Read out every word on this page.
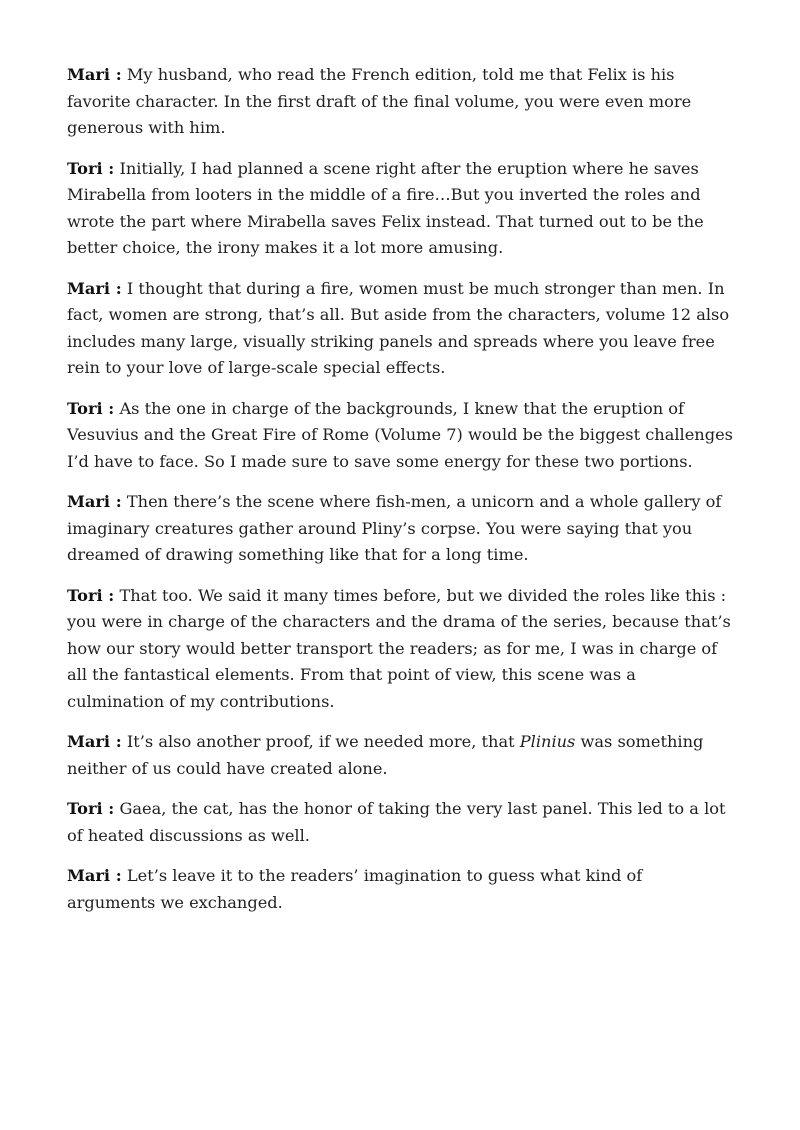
Mari : My husband, who read the French edition, told me that Felix is his favorite character. In the first draft of the final volume, you were even more generous with him.

Tori : Initially, I had planned a scene right after the eruption where he saves Mirabella from looters in the middle of a fire…But you inverted the roles and wrote the part where Mirabella saves Felix instead. That turned out to be the better choice, the irony makes it a lot more amusing.

Mari : I thought that during a fire, women must be much stronger than men. In fact, women are strong, that’s all. But aside from the characters, volume 12 also includes many large, visually striking panels and spreads where you leave free rein to your love of large-scale special effects.

Tori : As the one in charge of the backgrounds, I knew that the eruption of Vesuvius and the Great Fire of Rome (Volume 7) would be the biggest challenges I’d have to face. So I made sure to save some energy for these two portions.

Mari : Then there’s the scene where fish-men, a unicorn and a whole gallery of imaginary creatures gather around Pliny’s corpse. You were saying that you dreamed of drawing something like that for a long time.

Tori : That too. We said it many times before, but we divided the roles like this : you were in charge of the characters and the drama of the series, because that’s how our story would better transport the readers; as for me, I was in charge of all the fantastical elements. From that point of view, this scene was a culmination of my contributions.

Mari : It’s also another proof, if we needed more, that Plinius was something neither of us could have created alone.

Tori : Gaea, the cat, has the honor of taking the very last panel. This led to a lot of heated discussions as well.

Mari : Let’s leave it to the readers’ imagination to guess what kind of arguments we exchanged.
